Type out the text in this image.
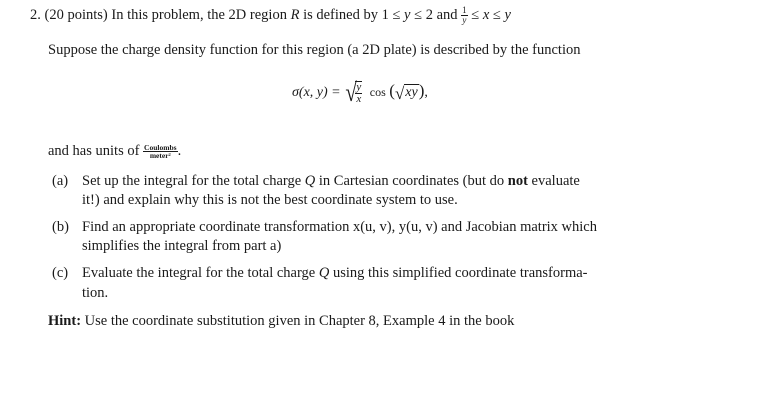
2. (20 points) In this problem, the 2D region R is defined by 1 ≤ y ≤ 2 and $\frac{1}{y} \le x \le y$
Suppose the charge density function for this region (a 2D plate) is described by the function
σ(x, y) = √
$\frac{y}{x}$ cos (√xy),
and has units of $\frac{\text{Coulombs}}{\text{meter²}}$ .
(a) Set up the integral for the total charge Q in Cartesian coordinates (but do not evaluate
it!) and explain why this is not the best coordinate system to use.
(b) Find an appropriate coordinate transformation x(u, v), y(u, v) and Jacobian matrix which
simplifies the integral from part a)
(c) Evaluate the integral for the total charge Q using this simplified coordinate transforma-
tion.
Hint: Use the coordinate substitution given in Chapter 8, Example 4 in the book
